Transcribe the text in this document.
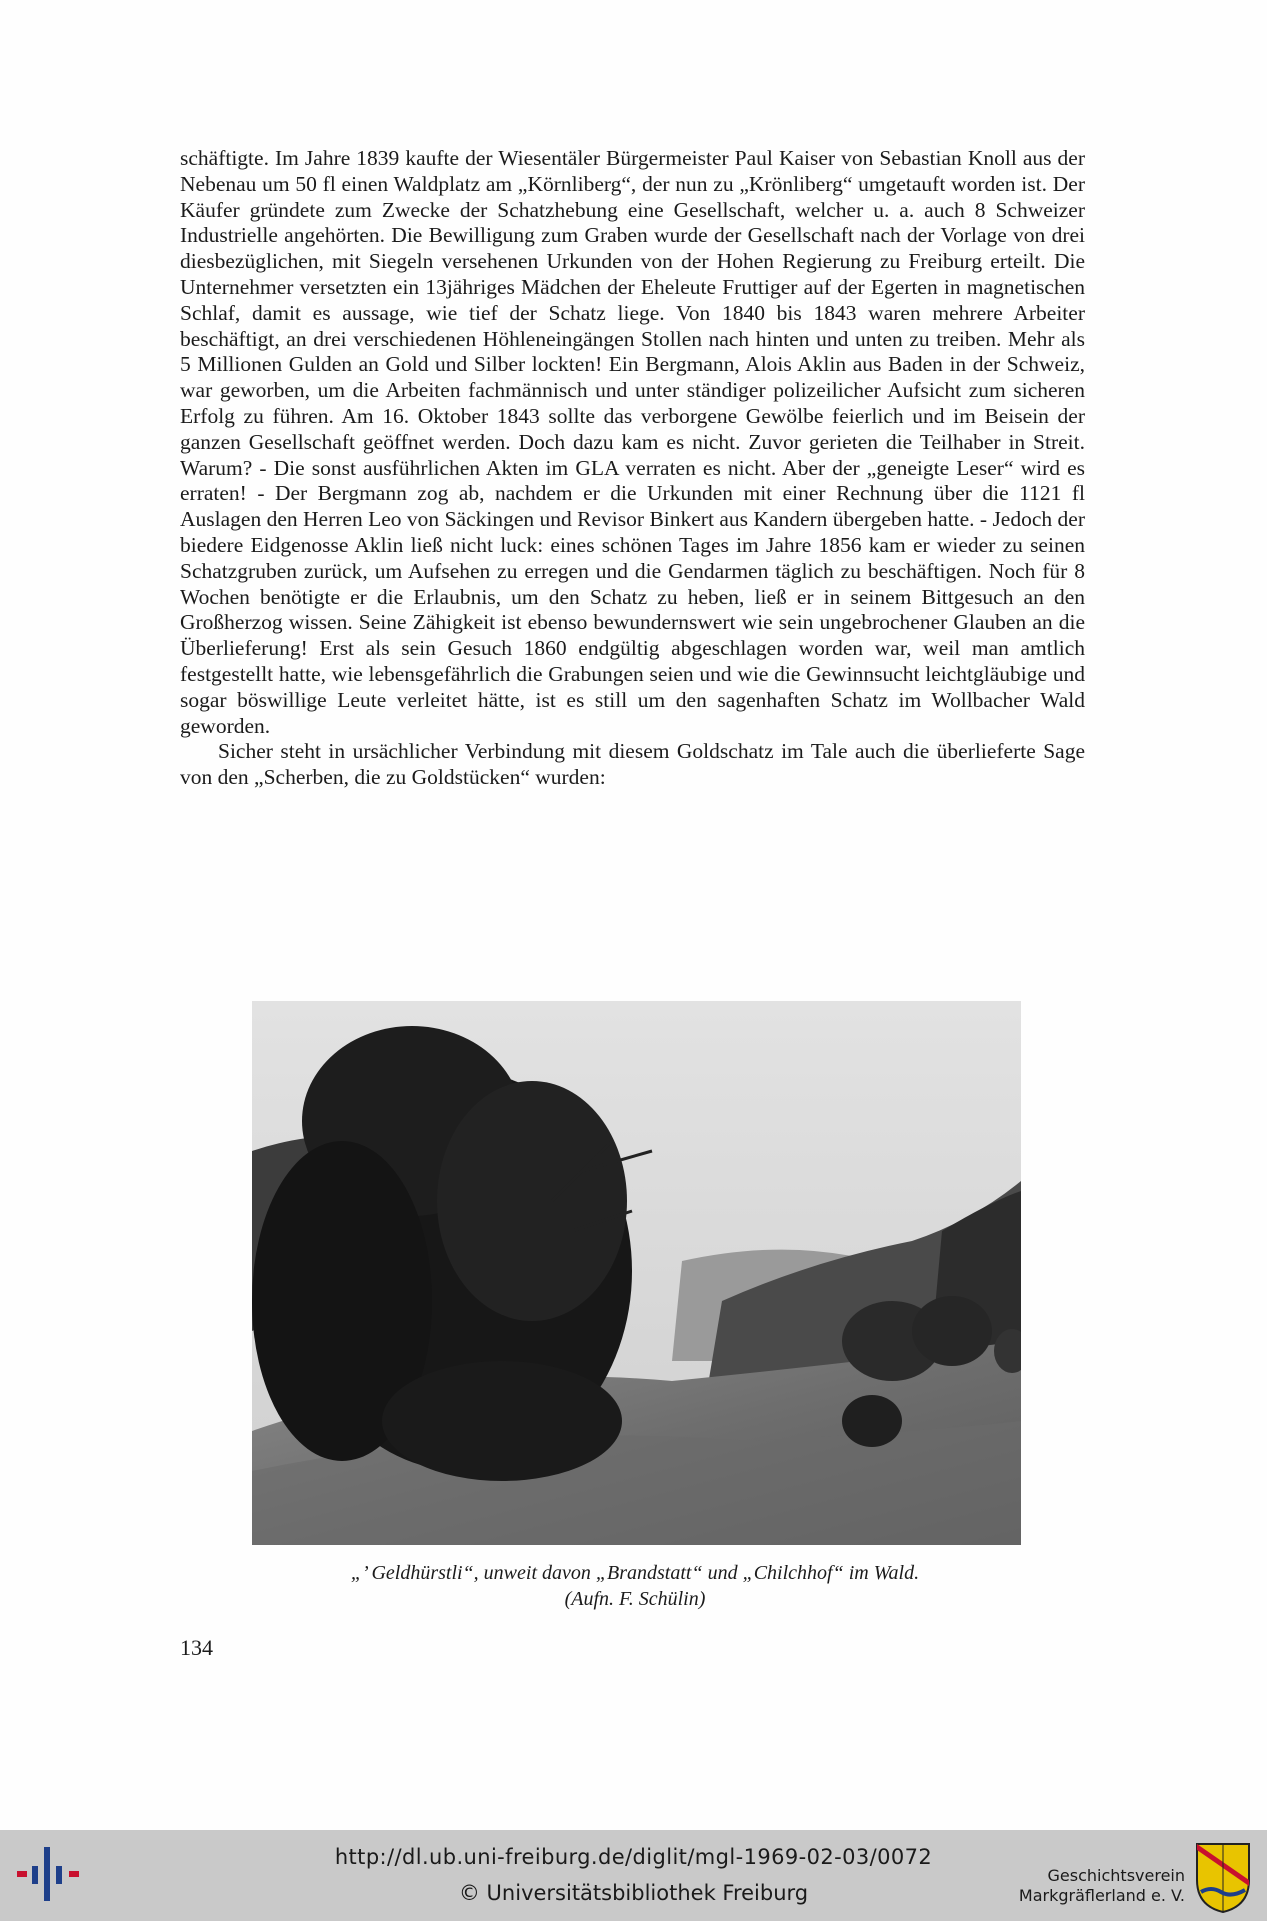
schäftigte. Im Jahre 1839 kaufte der Wiesentäler Bürgermeister Paul Kaiser von Sebastian Knoll aus der Nebenau um 50 fl einen Waldplatz am „Körnliberg“, der nun zu „Krönliberg“ umgetauft worden ist. Der Käufer gründete zum Zwecke der Schatzhebung eine Gesellschaft, welcher u. a. auch 8 Schweizer Industrielle angehörten. Die Bewilligung zum Graben wurde der Gesellschaft nach der Vorlage von drei diesbezüglichen, mit Siegeln versehenen Urkunden von der Hohen Regierung zu Freiburg erteilt. Die Unternehmer versetzten ein 13jähriges Mädchen der Eheleute Fruttiger auf der Egerten in magnetischen Schlaf, damit es aussage, wie tief der Schatz liege. Von 1840 bis 1843 waren mehrere Arbeiter beschäftigt, an drei verschiedenen Höhleneingängen Stollen nach hinten und unten zu treiben. Mehr als 5 Millionen Gulden an Gold und Silber lockten! Ein Bergmann, Alois Aklin aus Baden in der Schweiz, war geworben, um die Arbeiten fachmännisch und unter ständiger polizeilicher Aufsicht zum sicheren Erfolg zu führen. Am 16. Oktober 1843 sollte das verborgene Gewölbe feierlich und im Beisein der ganzen Gesellschaft geöffnet werden. Doch dazu kam es nicht. Zuvor gerieten die Teilhaber in Streit. Warum? - Die sonst ausführlichen Akten im GLA verraten es nicht. Aber der „geneigte Leser“ wird es erraten! - Der Bergmann zog ab, nachdem er die Urkunden mit einer Rechnung über die 1121 fl Auslagen den Herren Leo von Säckingen und Revisor Binkert aus Kandern übergeben hatte. - Jedoch der biedere Eidgenosse Aklin ließ nicht luck: eines schönen Tages im Jahre 1856 kam er wieder zu seinen Schatzgruben zurück, um Aufsehen zu erregen und die Gendarmen täglich zu beschäftigen. Noch für 8 Wochen benötigte er die Erlaubnis, um den Schatz zu heben, ließ er in seinem Bittgesuch an den Großherzog wissen. Seine Zähigkeit ist ebenso bewundernswert wie sein ungebrochener Glauben an die Überlieferung! Erst als sein Gesuch 1860 endgültig abgeschlagen worden war, weil man amtlich festgestellt hatte, wie lebensgefährlich die Grabungen seien und wie die Gewinnsucht leichtgläubige und sogar böswillige Leute verleitet hätte, ist es still um den sagenhaften Schatz im Wollbacher Wald geworden.

Sicher steht in ursächlicher Verbindung mit diesem Goldschatz im Tale auch die überlieferte Sage von den „Scherben, die zu Goldstücken“ wurden:

„’ Geldhürstli“, unweit davon „Brandstatt“ und „Chilchhof“ im Wald.
(Aufn. F. Schülin)
134
http://dl.ub.uni-freiburg.de/diglit/mgl-1969-02-03/0072
© Universitätsbibliothek Freiburg
Geschichtsverein
Markgräflerland e. V.
